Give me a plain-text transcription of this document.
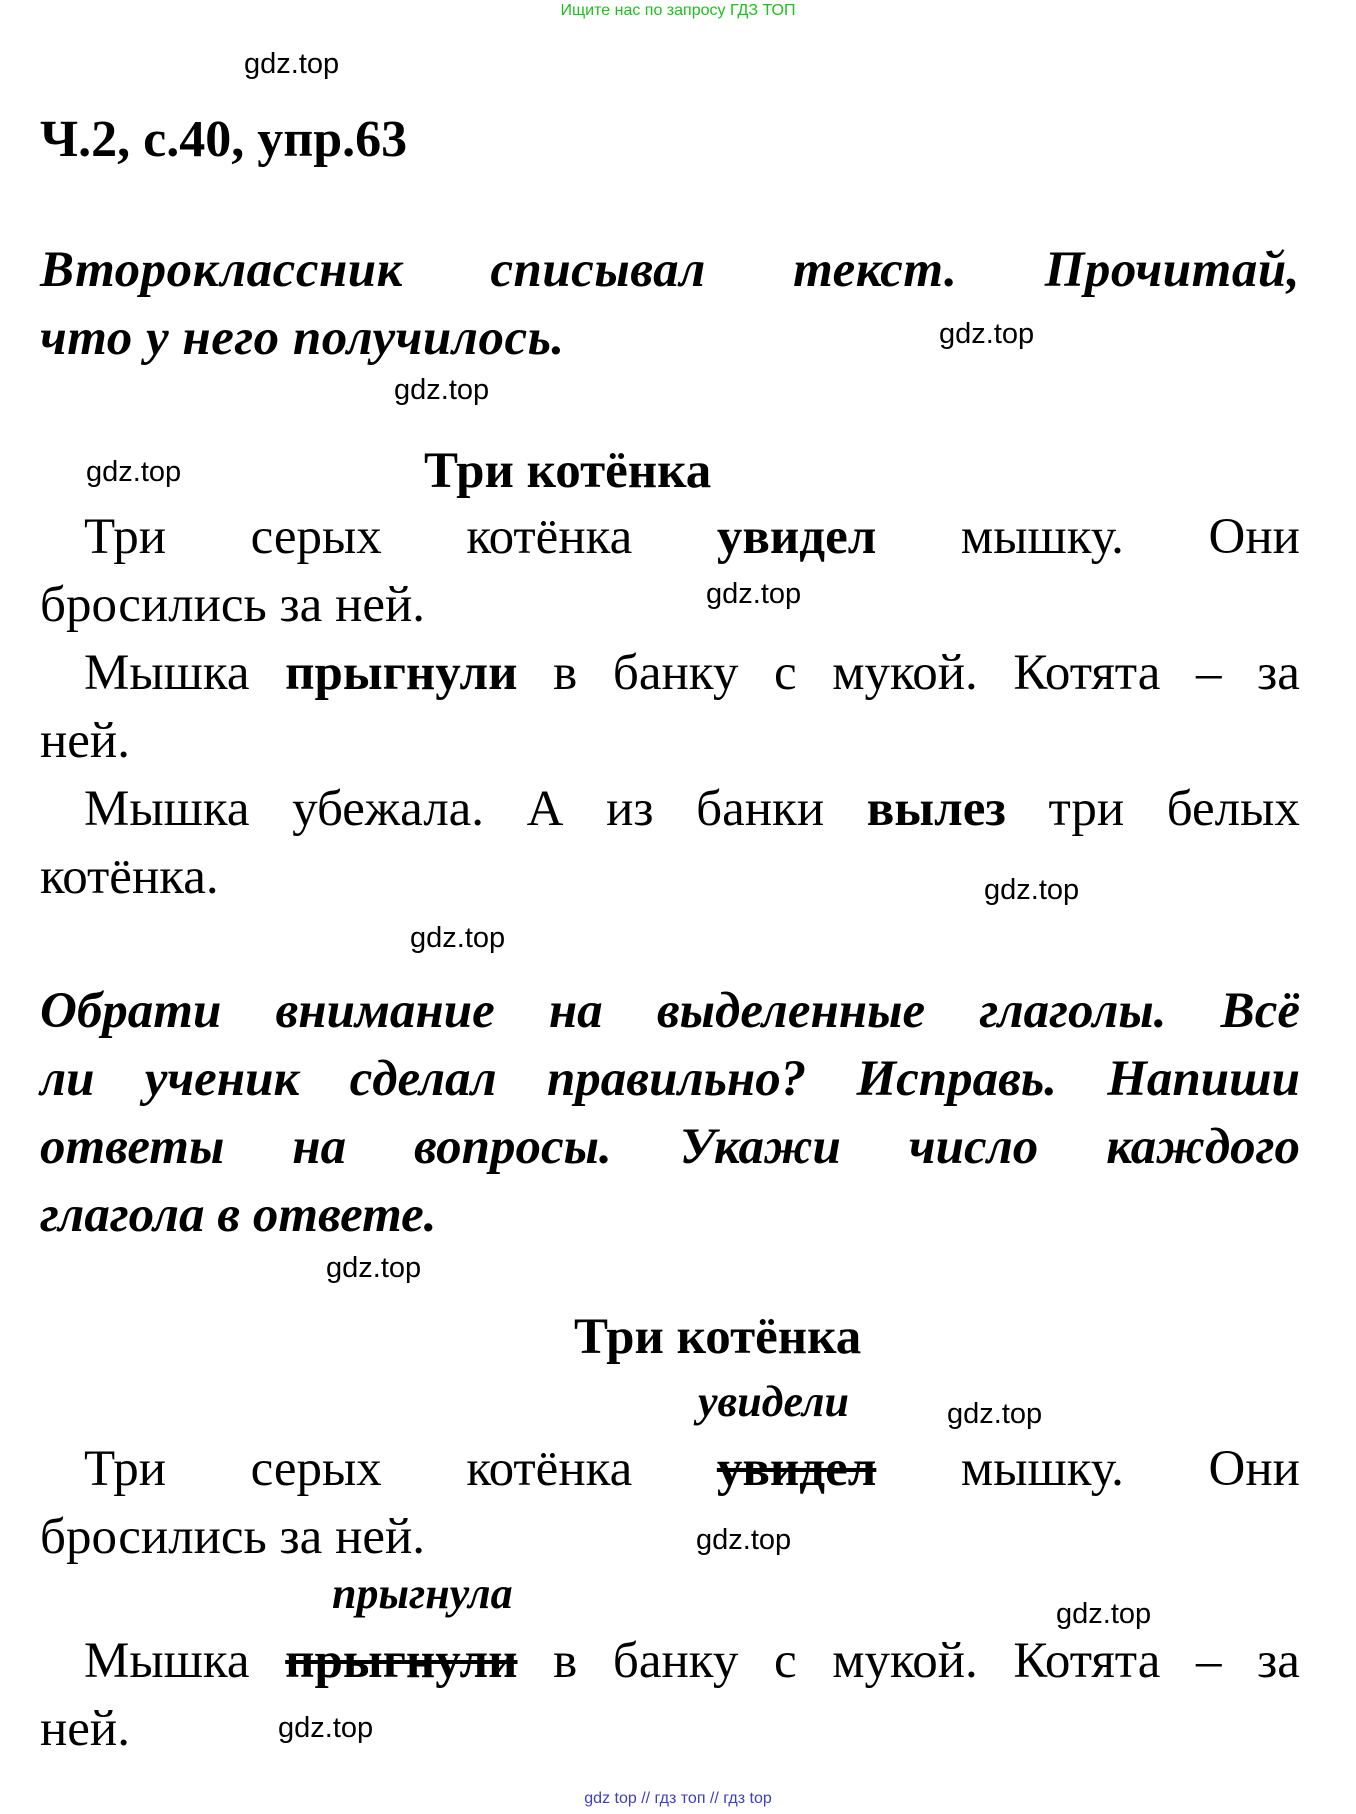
Ищите нас по запросу ГДЗ ТОП
gdz.top
gdz.top
gdz.top
gdz.top
gdz.top
gdz.top
gdz.top
gdz.top
gdz.top
gdz.top
gdz.top
gdz.top
Ч.2, с.40, упр.63
Второклассник списывал текст. Прочитай,
что у него получилось.
Три котёнка
Три серых котёнка увидел мышку. Они
бросились за ней.
Мышка прыгнули в банку с мукой. Котята – за
ней.
Мышка убежала. А из банки вылез три белых
котёнка.
Обрати внимание на выделенные глаголы. Всё
ли ученик сделал правильно? Исправь. Напиши
ответы на вопросы. Укажи число каждого
глагола в ответе.
Три котёнка
увидели
Три серых котёнка увидел мышку. Они
бросились за ней.
прыгнула
Мышка прыгнули в банку с мукой. Котята – за
ней.
gdz top // гдз топ // гдз top
